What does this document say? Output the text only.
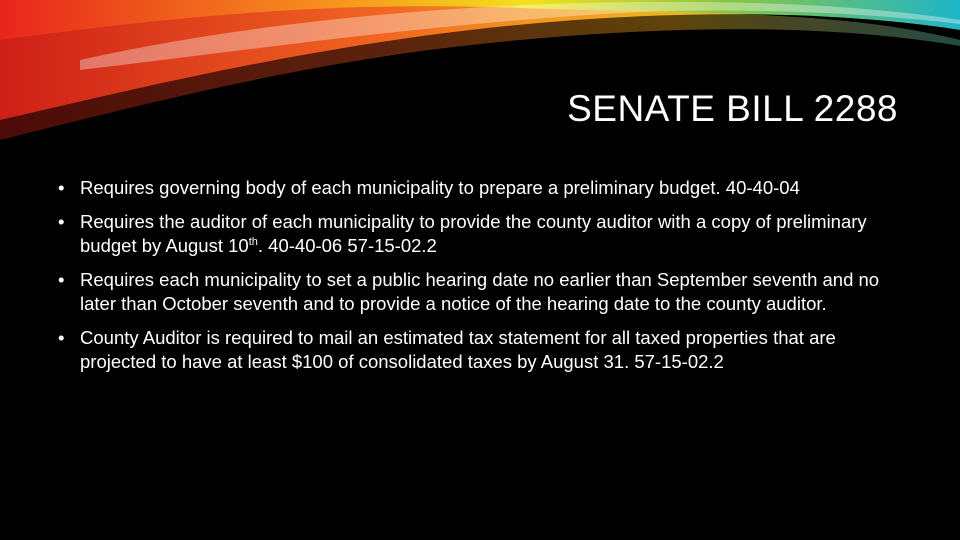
SENATE BILL 2288
• Requires governing body of each municipality to prepare a preliminary budget. 40-40-04
• Requires the auditor of each municipality to provide the county auditor with a copy of preliminary budget by August 10th. 40-40-06 57-15-02.2
• Requires each municipality to set a public hearing date no earlier than September seventh and no later than October seventh and to provide a notice of the hearing date to the county auditor.
• County Auditor is required to mail an estimated tax statement for all taxed properties that are projected to have at least $100 of consolidated taxes by August 31. 57-15-02.2
